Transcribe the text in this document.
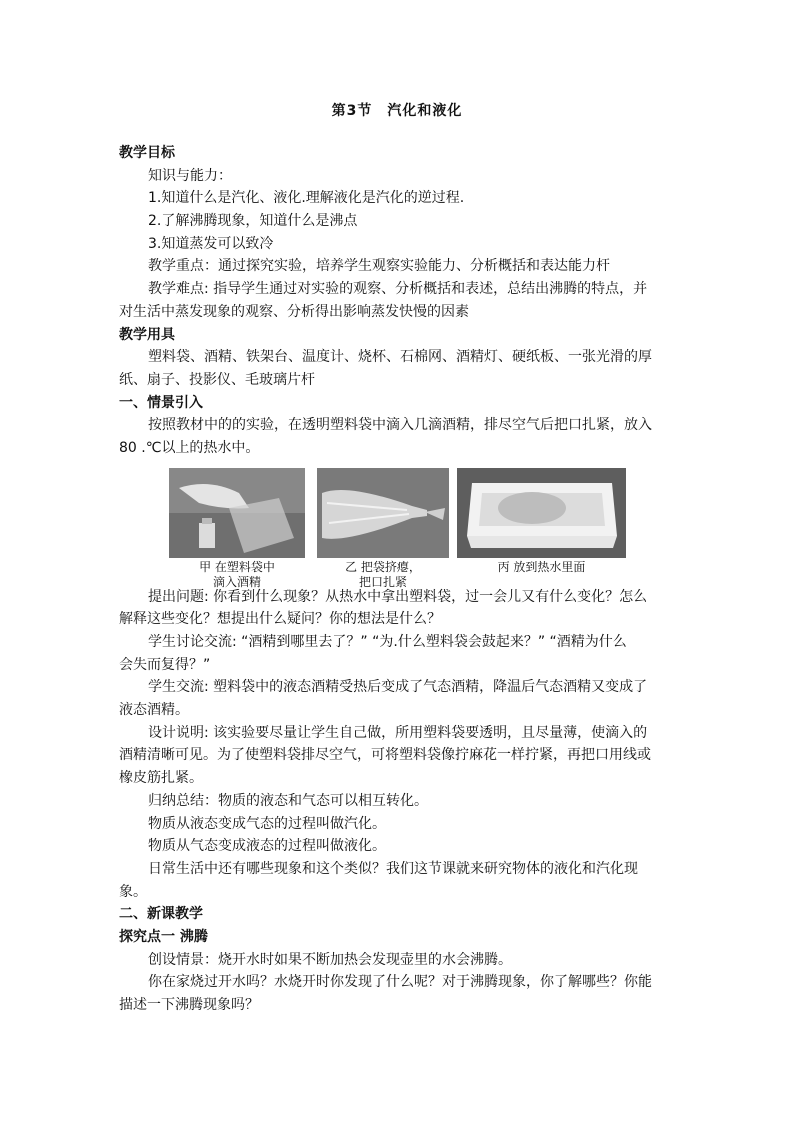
第3节　汽化和液化
教学目标
知识与能力：
1.知道什么是汽化、液化.理解液化是汽化的逆过程.
2.了解沸腾现象，知道什么是沸点
3.知道蒸发可以致冷
教学重点：通过探究实验，培养学生观察实验能力、分析概括和表达能力杆
教学难点: 指导学生通过对实验的观察、分析概括和表述，总结出沸腾的特点，并
对生活中蒸发现象的观察、分析得出影响蒸发快慢的因素
教学用具
塑料袋、酒精、铁架台、温度计、烧杯、石棉网、酒精灯、硬纸板、一张光滑的厚
纸、扇子、投影仪、毛玻璃片杆
一、情景引入
按照教材中的的实验，在透明塑料袋中滴入几滴酒精，排尽空气后把口扎紧，放入
80 .℃以上的热水中。
甲 在塑料袋中
滴入酒精
乙 把袋挤瘪，
把口扎紧
丙 放到热水里面
提出问题: 你看到什么现象？从热水中拿出塑料袋，过一会儿又有什么变化？怎么
解释这些变化？想提出什么疑问？你的想法是什么？
学生讨论交流: “酒精到哪里去了？” “为.什么塑料袋会鼓起来？” “酒精为什么
会失而复得？”
学生交流: 塑料袋中的液态酒精受热后变成了气态酒精，降温后气态酒精又变成了
液态酒精。
设计说明: 该实验要尽量让学生自己做，所用塑料袋要透明，且尽量薄，使滴入的
酒精清晰可见。为了使塑料袋排尽空气，可将塑料袋像拧麻花一样拧紧，再把口用线或
橡皮筋扎紧。
归纳总结：物质的液态和气态可以相互转化。
物质从液态变成气态的过程叫做汽化。
物质从气态变成液态的过程叫做液化。
日常生活中还有哪些现象和这个类似？我们这节课就来研究物体的液化和汽化现
象。
二、新课教学
探究点一 沸腾
创设情景：烧开水时如果不断加热会发现壶里的水会沸腾。
你在家烧过开水吗？水烧开时你发现了什么呢？对于沸腾现象，你了解哪些？你能
描述一下沸腾现象吗？
